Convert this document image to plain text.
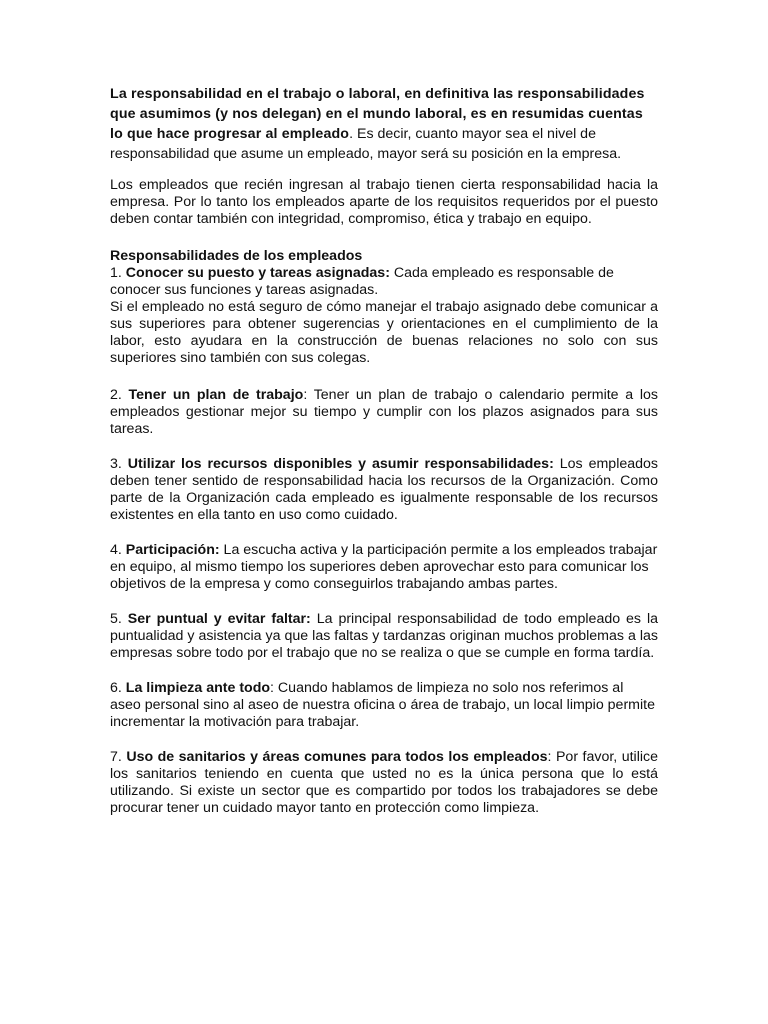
La responsabilidad en el trabajo o laboral, en definitiva las responsabilidades que asumimos (y nos delegan) en el mundo laboral, es en resumidas cuentas lo que hace progresar al empleado. Es decir, cuanto mayor sea el nivel de responsabilidad que asume un empleado, mayor será su posición en la empresa.

Los empleados que recién ingresan al trabajo tienen cierta responsabilidad hacia la empresa. Por lo tanto los empleados aparte de los requisitos requeridos por el puesto deben contar también con integridad, compromiso, ética y trabajo en equipo.

Responsabilidades de los empleados

1. Conocer su puesto y tareas asignadas: Cada empleado es responsable de conocer sus funciones y tareas asignadas.

Si el empleado no está seguro de cómo manejar el trabajo asignado debe comunicar a sus superiores para obtener sugerencias y orientaciones en el cumplimiento de la labor, esto ayudara en la construcción de buenas relaciones no solo con sus superiores sino también con sus colegas.

2. Tener un plan de trabajo: Tener un plan de trabajo o calendario permite a los empleados gestionar mejor su tiempo y cumplir con los plazos asignados para sus tareas.

3. Utilizar los recursos disponibles y asumir responsabilidades: Los empleados deben tener sentido de responsabilidad hacia los recursos de la Organización. Como parte de la Organización cada empleado es igualmente responsable de los recursos existentes en ella tanto en uso como cuidado.

4. Participación: La escucha activa y la participación permite a los empleados trabajar en equipo, al mismo tiempo los superiores deben aprovechar esto para comunicar los objetivos de la empresa y como conseguirlos trabajando ambas partes.

5. Ser puntual y evitar faltar: La principal responsabilidad de todo empleado es la puntualidad y asistencia ya que las faltas y tardanzas originan muchos problemas a las empresas sobre todo por el trabajo que no se realiza o que se cumple en forma tardía.

6. La limpieza ante todo: Cuando hablamos de limpieza no solo nos referimos al aseo personal sino al aseo de nuestra oficina o área de trabajo, un local limpio permite incrementar la motivación para trabajar.

7. Uso de sanitarios y áreas comunes para todos los empleados: Por favor, utilice los sanitarios teniendo en cuenta que usted no es la única persona que lo está utilizando. Si existe un sector que es compartido por todos los trabajadores se debe procurar tener un cuidado mayor tanto en protección como limpieza.
